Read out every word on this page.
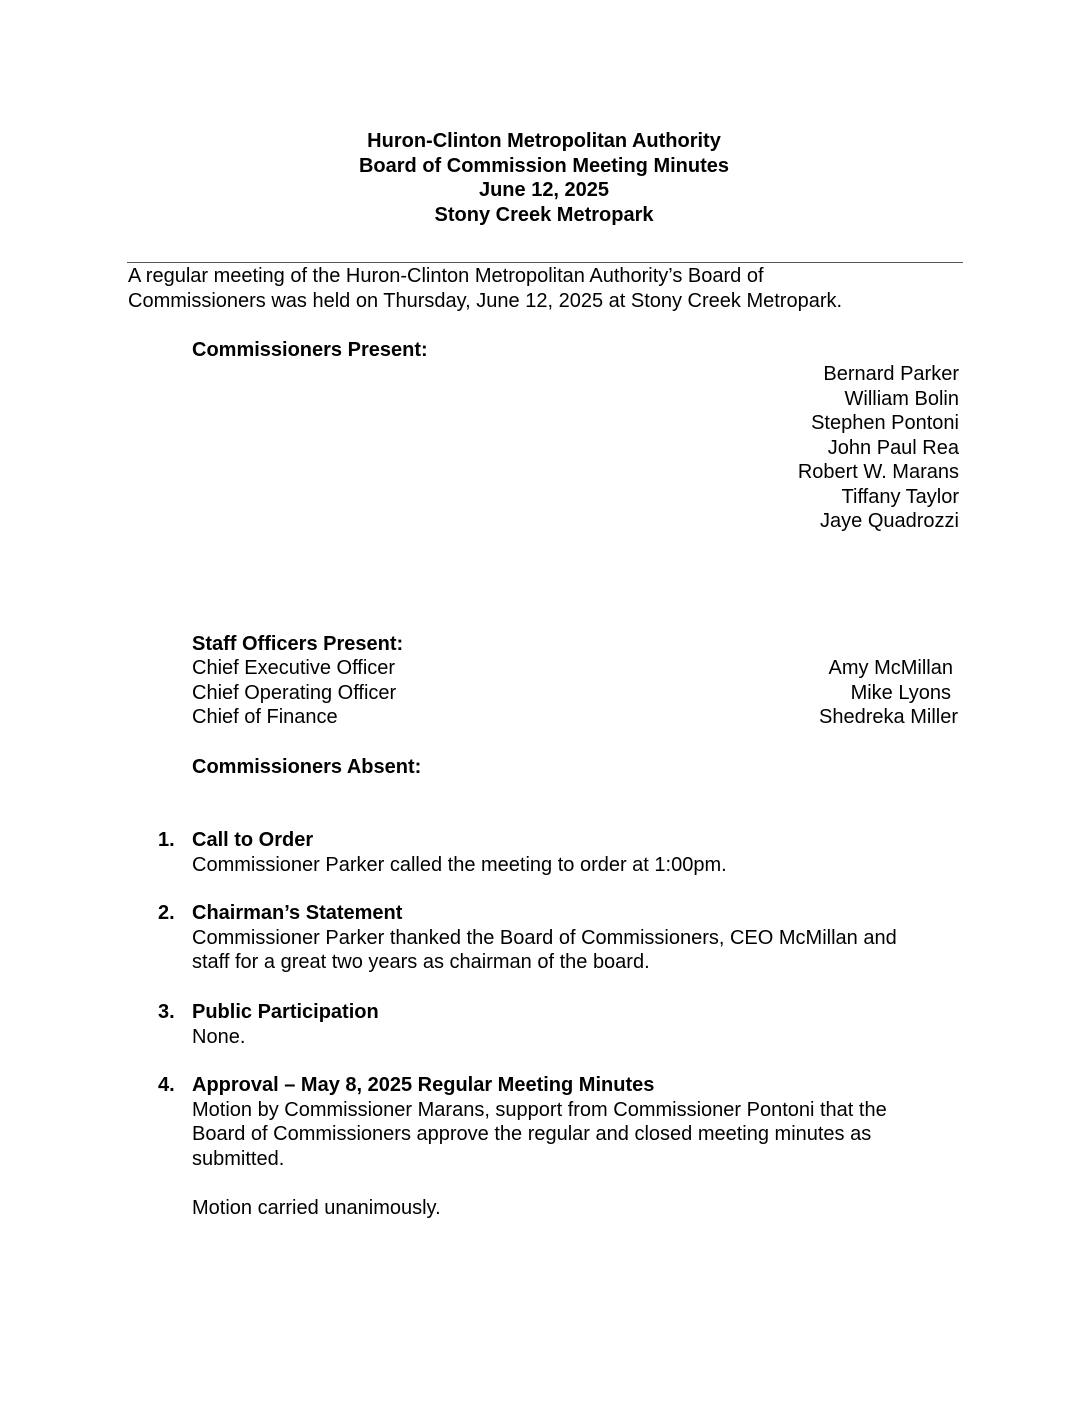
Huron-Clinton Metropolitan Authority
Board of Commission Meeting Minutes
June 12, 2025
Stony Creek Metropark
A regular meeting of the Huron-Clinton Metropolitan Authority’s Board of
Commissioners was held on Thursday, June 12, 2025 at Stony Creek Metropark.
Commissioners Present:
Bernard Parker
William Bolin
Stephen Pontoni
John Paul Rea
Robert W. Marans
Tiffany Taylor
Jaye Quadrozzi
Staff Officers Present:
Chief Executive Officer	Amy McMillan
Chief Operating Officer	Mike Lyons
Chief of Finance	Shedreka Miller
Commissioners Absent:
1. Call to Order
Commissioner Parker called the meeting to order at 1:00pm.
2. Chairman’s Statement
Commissioner Parker thanked the Board of Commissioners, CEO McMillan and
staff for a great two years as chairman of the board.
3. Public Participation
None.
4. Approval – May 8, 2025 Regular Meeting Minutes
Motion by Commissioner Marans, support from Commissioner Pontoni that the
Board of Commissioners approve the regular and closed meeting minutes as
submitted.
Motion carried unanimously.
